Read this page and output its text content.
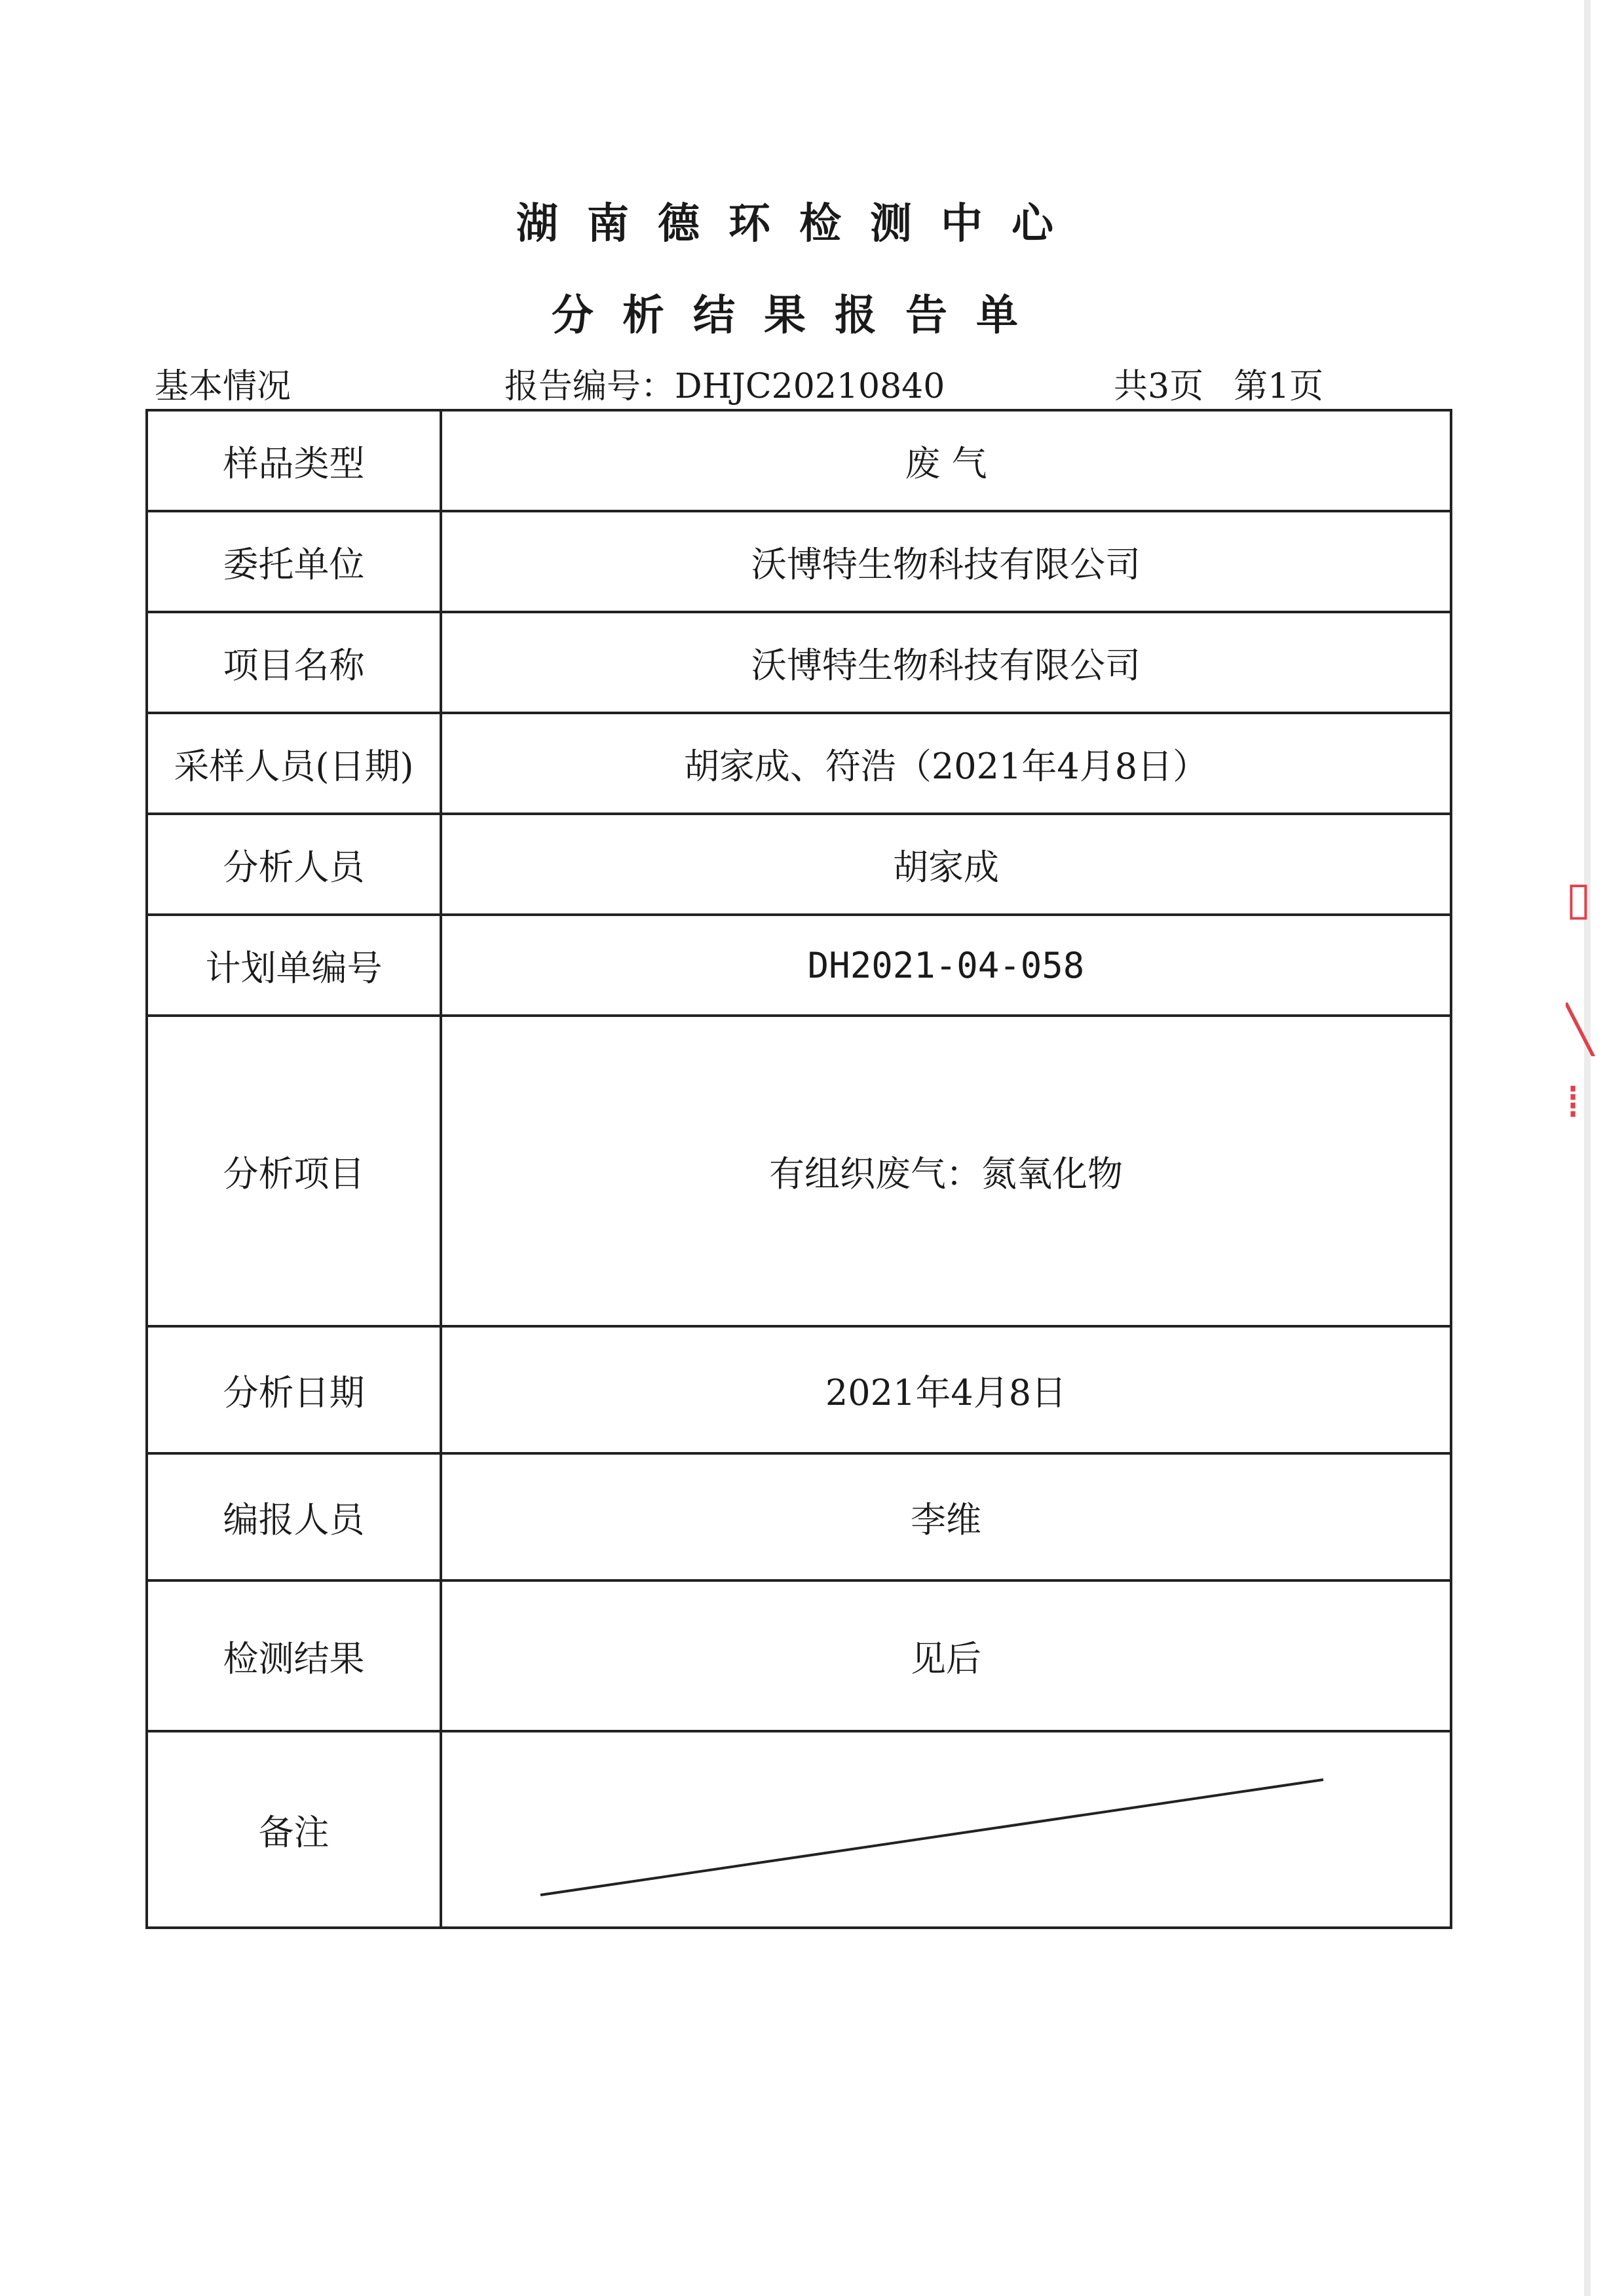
湖南德环检测中心
分析结果报告单
基本情况	报告编号：DHJC20210840	共3页 第1页
样品类型	废 气
委托单位	沃博特生物科技有限公司
项目名称	沃博特生物科技有限公司
采样人员(日期)	胡家成、符浩（2021年4月8日）
分析人员	胡家成
计划单编号	DH2021-04-058
分析项目	有组织废气：氮氧化物
分析日期	2021年4月8日
编报人员	李维
检测结果	见后
备注	
▯
╲
⁞
